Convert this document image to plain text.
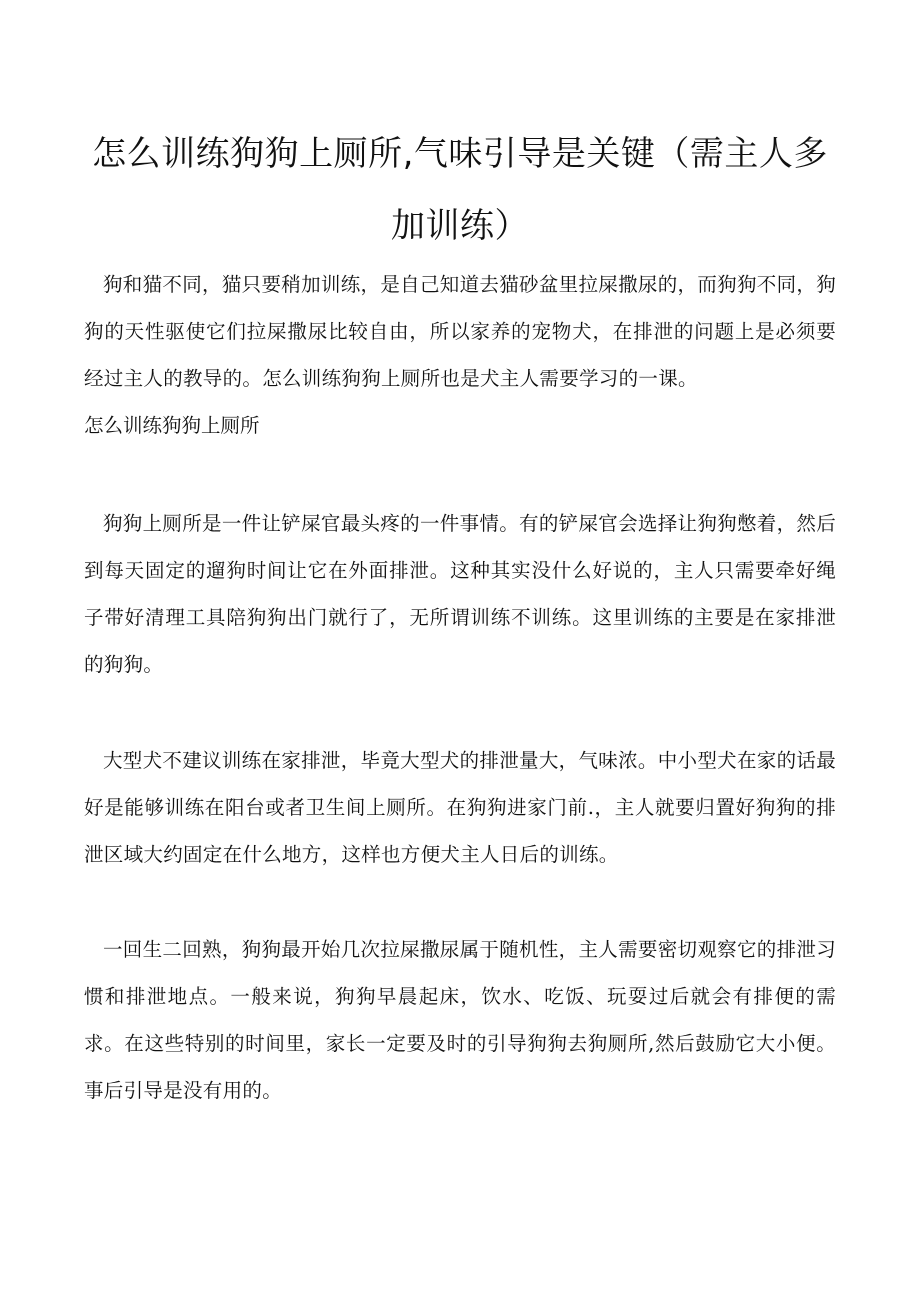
怎么训练狗狗上厕所,气味引导是关键（需主人多
加训练）

狗和猫不同，猫只要稍加训练，是自己知道去猫砂盆里拉屎撒尿的，而狗狗不同，狗狗的天性驱使它们拉屎撒尿比较自由，所以家养的宠物犬，在排泄的问题上是必须要经过主人的教导的。怎么训练狗狗上厕所也是犬主人需要学习的一课。

怎么训练狗狗上厕所

狗狗上厕所是一件让铲屎官最头疼的一件事情。有的铲屎官会选择让狗狗憋着，然后到每天固定的遛狗时间让它在外面排泄。这种其实没什么好说的，主人只需要牵好绳子带好清理工具陪狗狗出门就行了，无所谓训练不训练。这里训练的主要是在家排泄的狗狗。

大型犬不建议训练在家排泄，毕竟大型犬的排泄量大，气味浓。中小型犬在家的话最好是能够训练在阳台或者卫生间上厕所。在狗狗进家门前.，主人就要归置好狗狗的排泄区域大约固定在什么地方，这样也方便犬主人日后的训练。

一回生二回熟，狗狗最开始几次拉屎撒尿属于随机性，主人需要密切观察它的排泄习惯和排泄地点。一般来说，狗狗早晨起床，饮水、吃饭、玩耍过后就会有排便的需求。在这些特别的时间里，家长一定要及时的引导狗狗去狗厕所,然后鼓励它大小便。事后引导是没有用的。
